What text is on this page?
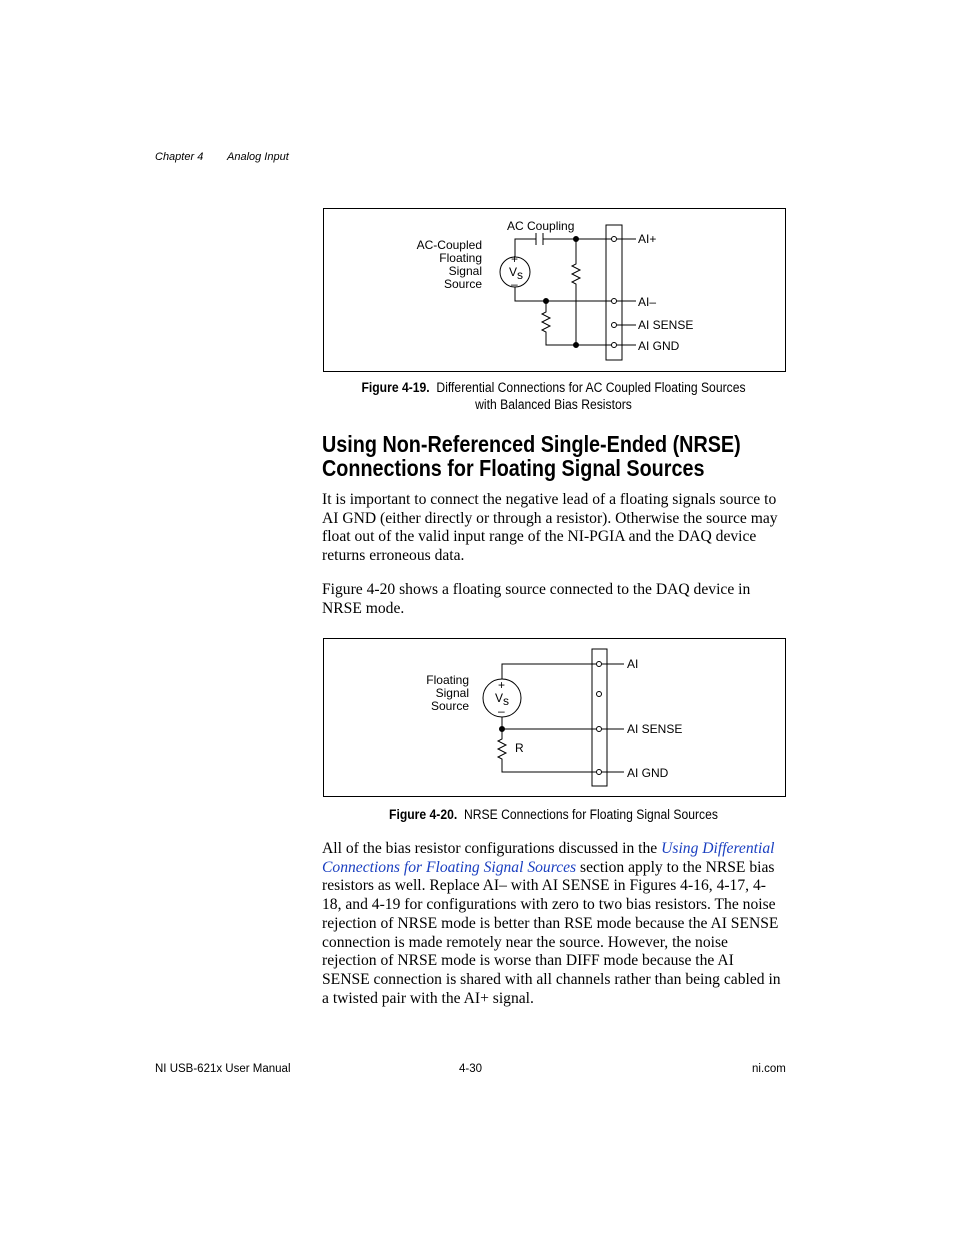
Chapter 4 Analog Input
AC Coupling
AC-Coupled
Floating
Signal
Source
+
V s
–
AI+
AI–
AI SENSE
AI GND
Figure 4-19. Differential Connections for AC Coupled Floating Sources
with Balanced Bias Resistors
Using Non-Referenced Single-Ended (NRSE)
Connections for Floating Signal Sources

It is important to connect the negative lead of a floating signals source to AI GND (either directly or through a resistor). Otherwise the source may float out of the valid input range of the NI-PGIA and the DAQ device returns erroneous data.

Figure 4-20 shows a floating source connected to the DAQ device in NRSE mode.

Floating
Signal
Source
+
V s
–
R
AI
AI SENSE
AI GND
Figure 4-20. NRSE Connections for Floating Signal Sources

All of the bias resistor configurations discussed in the Using Differential Connections for Floating Signal Sources section apply to the NRSE bias resistors as well. Replace AI– with AI SENSE in Figures 4-16, 4-17, 4-18, and 4-19 for configurations with zero to two bias resistors. The noise rejection of NRSE mode is better than RSE mode because the AI SENSE connection is made remotely near the source. However, the noise rejection of NRSE mode is worse than DIFF mode because the AI SENSE connection is shared with all channels rather than being cabled in a twisted pair with the AI+ signal.

NI USB-621x User Manual	4-30	ni.com
